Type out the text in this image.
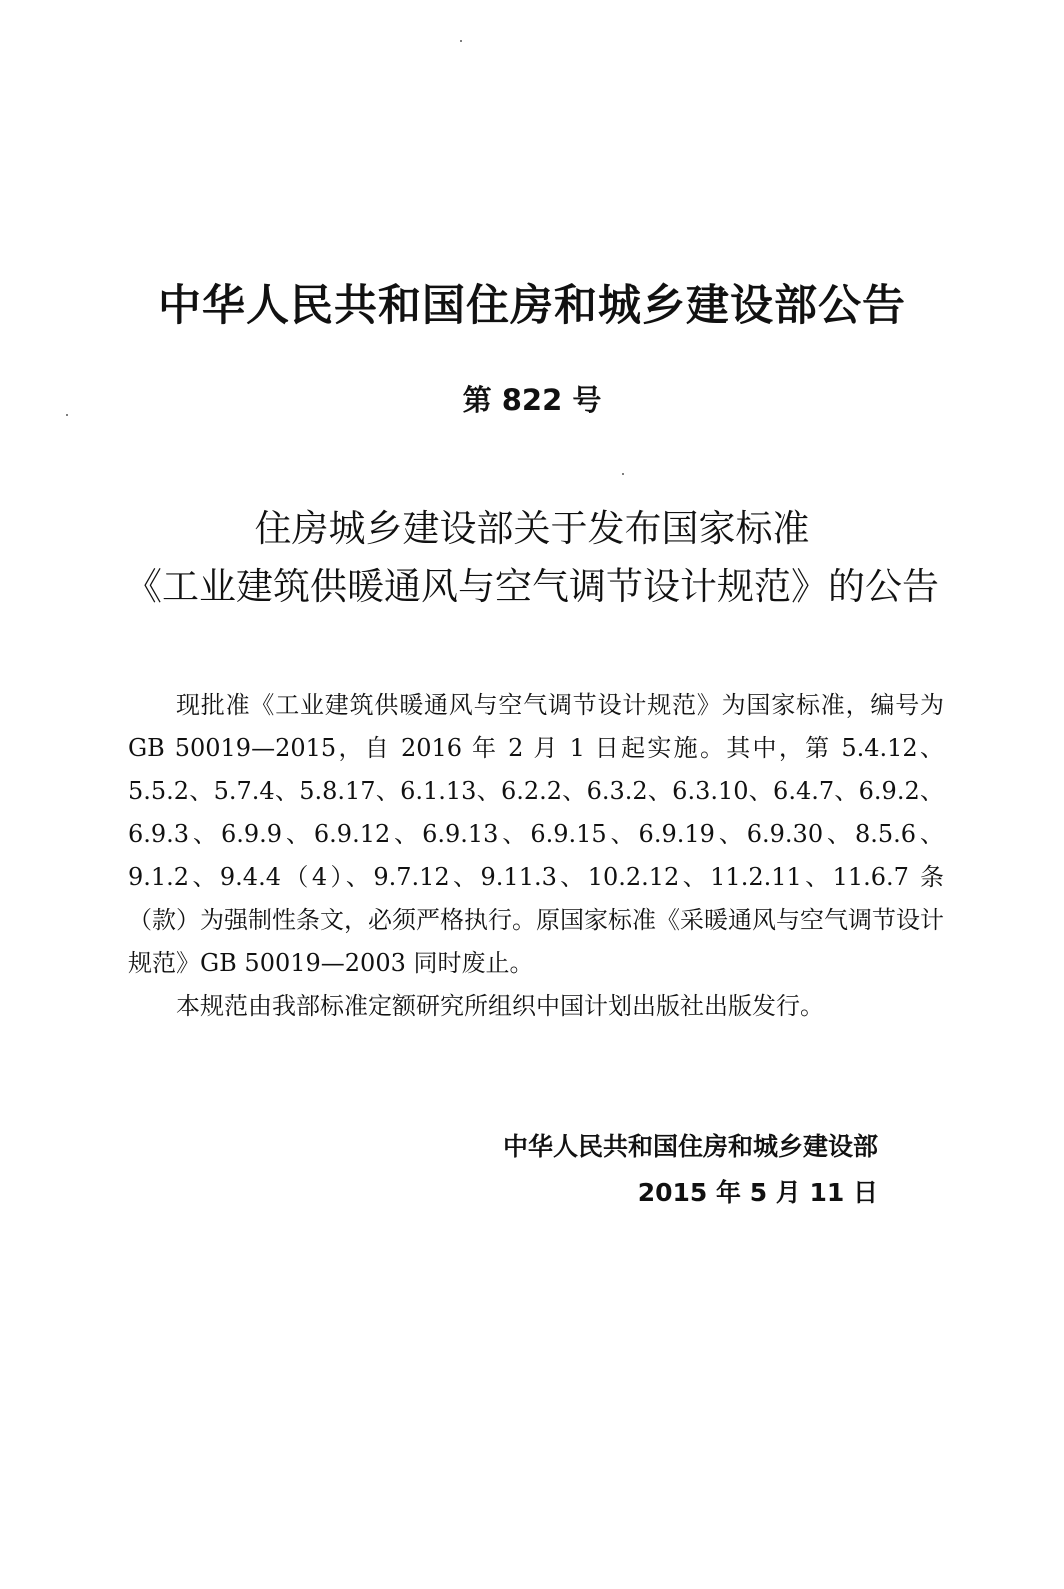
中华人民共和国住房和城乡建设部公告
第 822 号
住房城乡建设部关于发布国家标准
《工业建筑供暖通风与空气调节设计规范》的公告

现批准《工业建筑供暖通风与空气调节设计规范》为国家标准，编号为 GB 50019—2015，自 2016 年 2 月 1 日起实施。其中，第 5.4.12、5.5.2、5.7.4、5.8.17、6.1.13、6.2.2、6.3.2、6.3.10、6.4.7、6.9.2、6.9.3、6.9.9、6.9.12、6.9.13、6.9.15、6.9.19、6.9.30、8.5.6、9.1.2、9.4.4（4）、9.7.12、9.11.3、10.2.12、11.2.11、11.6.7 条（款）为强制性条文，必须严格执行。原国家标准《采暖通风与空气调节设计规范》GB 50019—2003 同时废止。

本规范由我部标准定额研究所组织中国计划出版社出版发行。

中华人民共和国住房和城乡建设部
2015 年 5 月 11 日
